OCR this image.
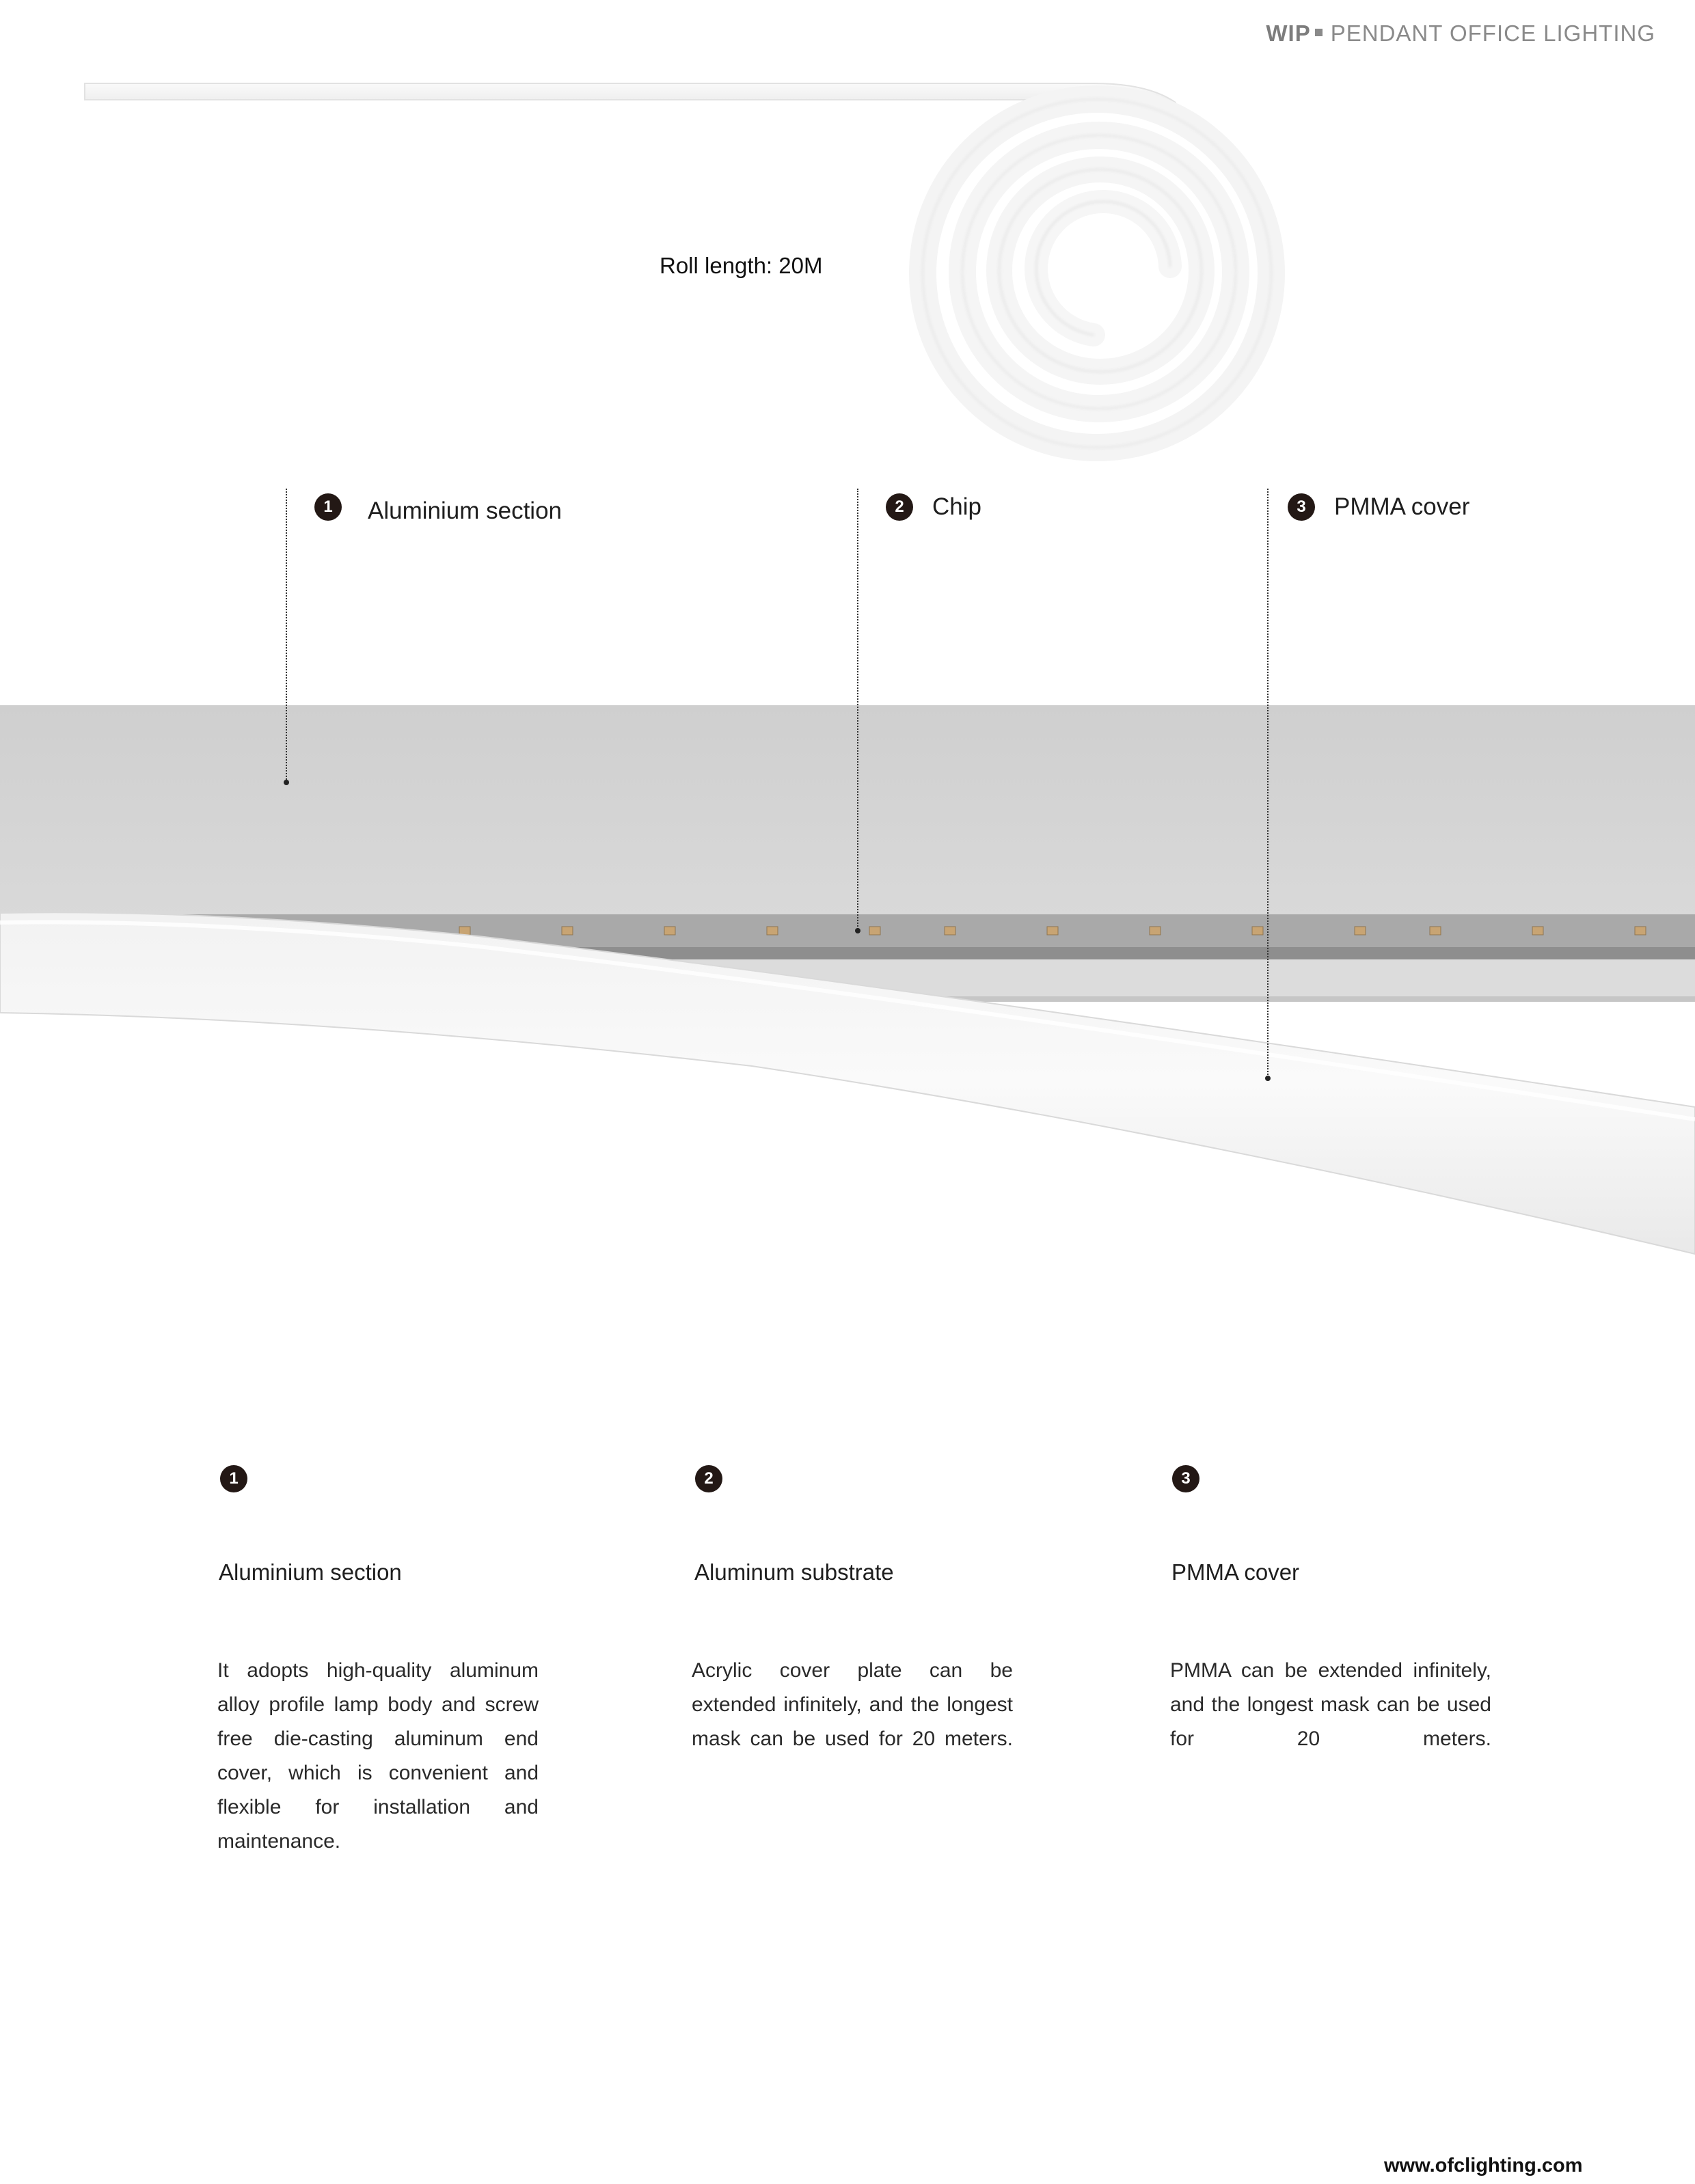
WIP PENDANT OFFICE LIGHTING
Roll length: 20M
1	Aluminium section	2	Chip	3	PMMA cover
1
Aluminium section
It adopts high-quality aluminum alloy profile lamp body and screw free die-casting aluminum end cover, which is convenient and flexible for installation and maintenance.
2
Aluminum substrate
Acrylic cover plate can be extended infinitely, and the longest mask can be used for 20 meters.
3
PMMA cover
PMMA can be extended infinitely, and the longest mask can be used for 20 meters.
www.ofclighting.com
